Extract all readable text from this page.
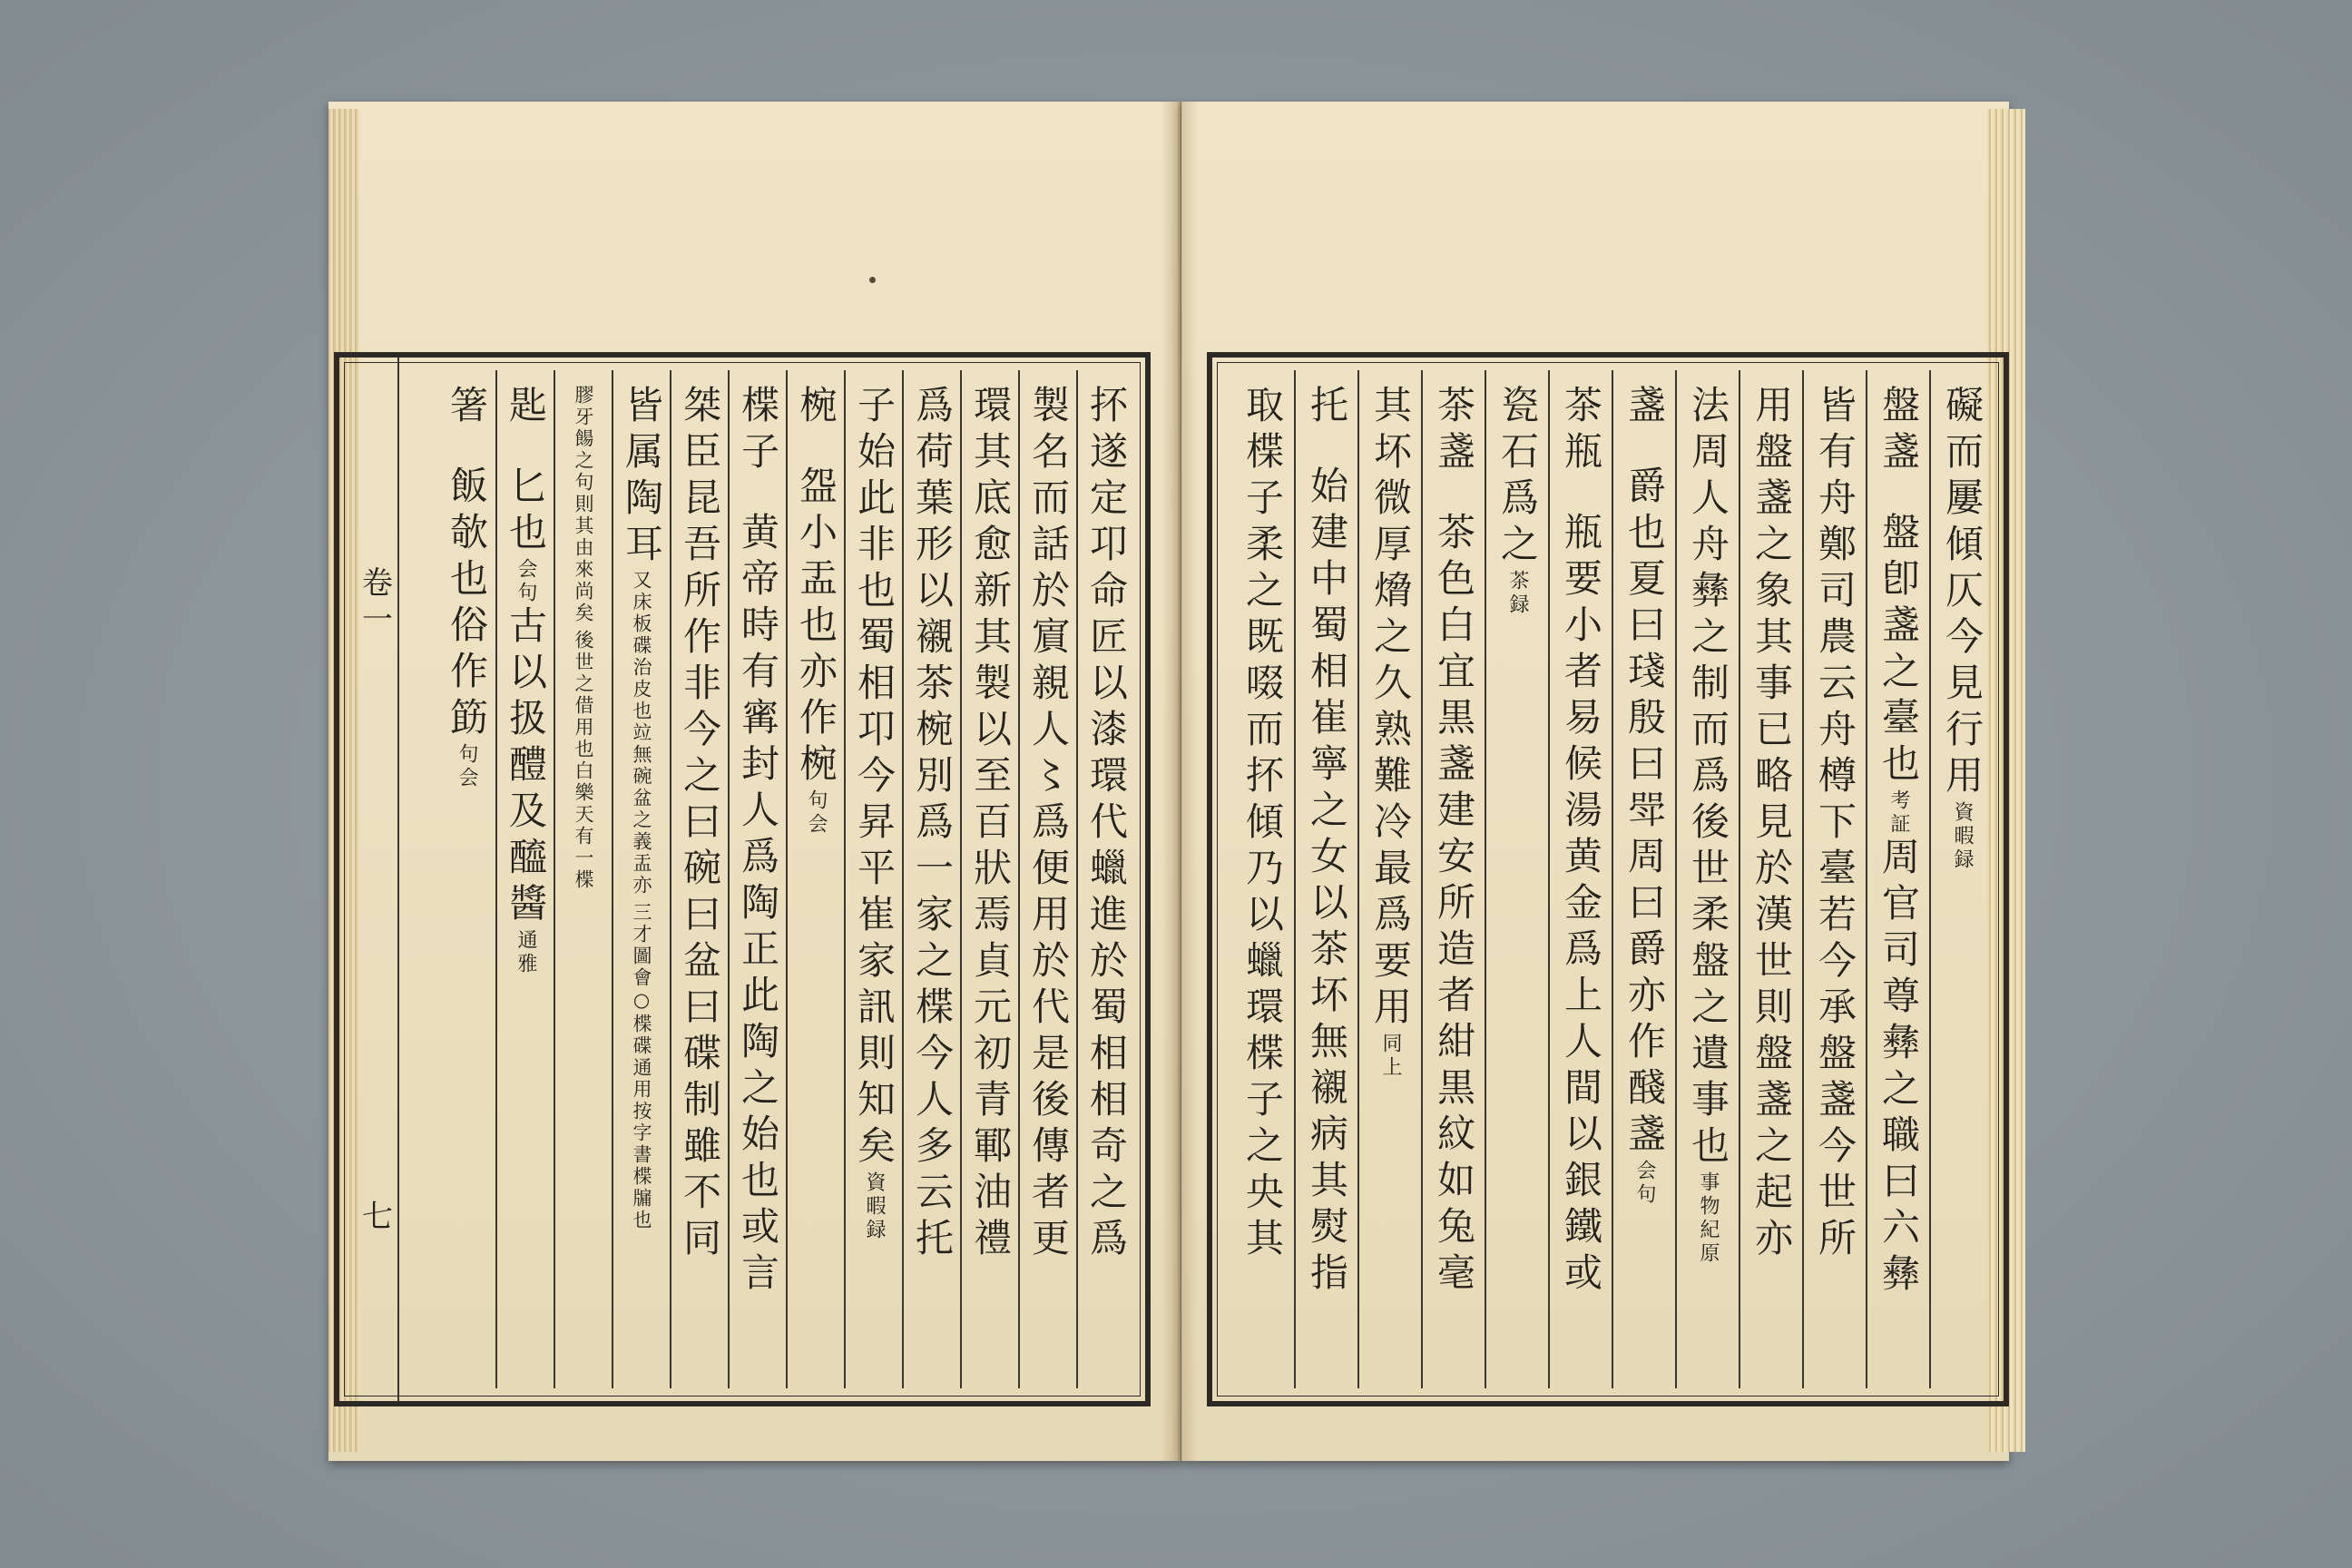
抔遂定卭命匠以漆環代蠟進於蜀相相奇之爲
製名而話於賔親人〻爲便用於代是後傳者更
環其底愈新其製以至百狀焉貞元初青鄆油禮
爲荷葉形以襯茶椀別爲一家之楪今人多云托
子始此非也蜀相卭今昇平崔家訊則知矣資暇録
椀盌小盂也亦作椀句会
楪子黄帝時有寗封人爲陶正此陶之始也或言
桀臣昆吾所作非今之曰碗曰盆曰碟制雖不同
皆属陶耳
三才圖會○楪碟通用按字書楪牖也
又床板碟治皮也竝無碗盆之義盂亦
後世之借用也白樂天有一楪
膠牙餳之句則其由來尚矣
匙匕也会句古以扱醴及醯醬通雅
箸飯欹也俗作筯句会
卷一
七
礙而屢傾仄今見行用資暇録
盤盞盤卽盞之臺也考証周官司尊彝之職曰六彝
皆有舟鄭司農云舟樽下臺若今承盤盞今世所
用盤盞之象其事已略見於漢世則盤盞之起亦
法周人舟彝之制而爲後世柔盤之遺事也事物紀原
盞爵也夏曰琖殷曰斝周曰爵亦作醆盞会句
茶瓶瓶要小者易候湯黄金爲上人間以銀鐵或
瓷石爲之茶録
茶盞茶色白宜黒盞建安所造者紺黒紋如兔毫
其坏微厚熁之久熟難冷最爲要用同上
托始建中蜀相崔寧之女以茶坏無襯病其熨指
取楪子柔之既啜而抔傾乃以蠟環楪子之央其
